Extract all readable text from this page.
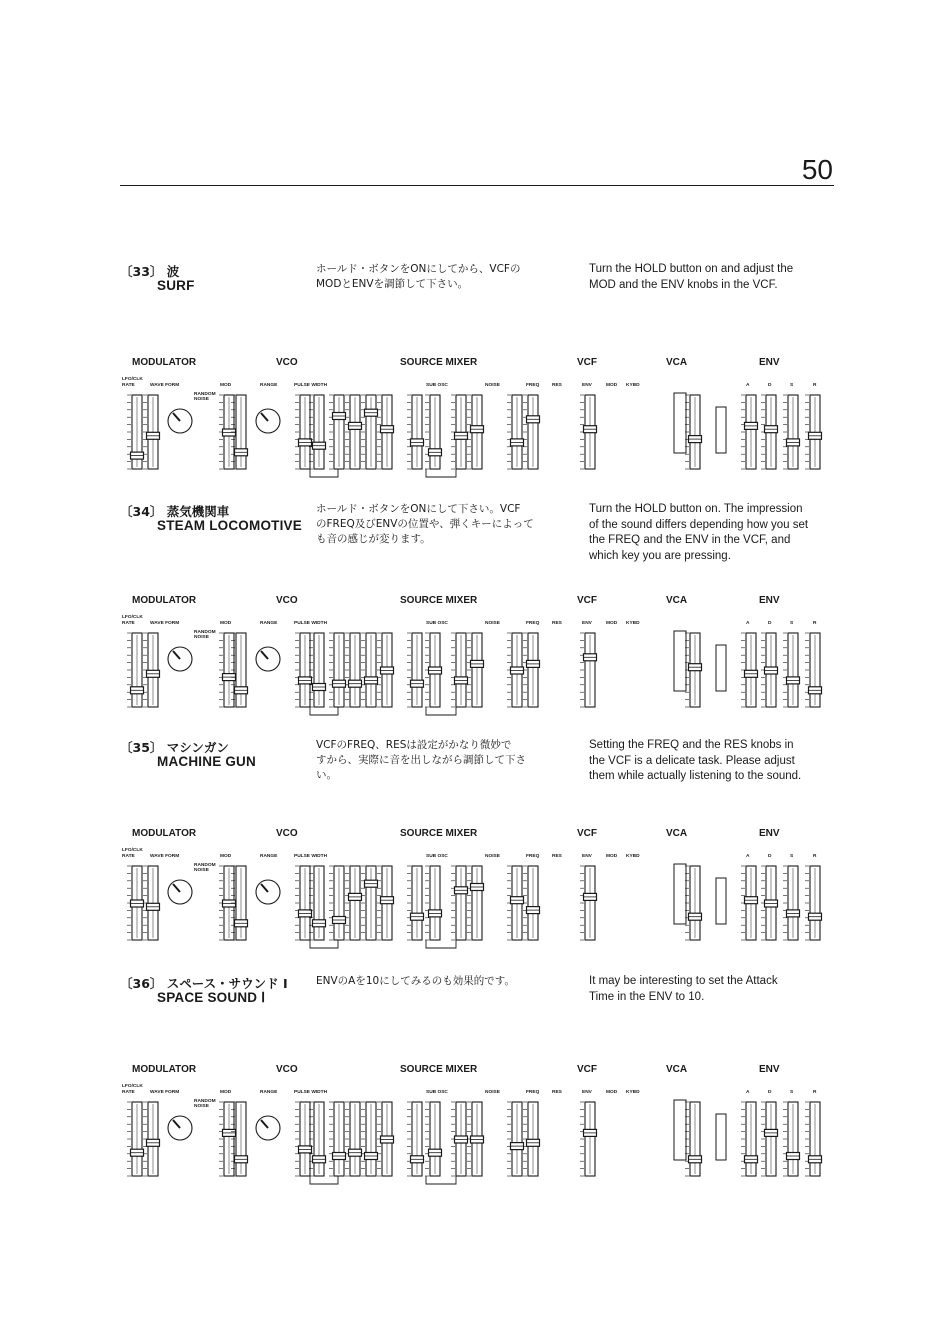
50
〔33〕 波
SURF
ホールド・ボタンをONにしてから、VCFの
MODとENVを調節して下さい。
Turn the HOLD button on and adjust the
MOD and the ENV knobs in the VCF.
MODULATOR	VCO	SOURCE MIXER	VCF	VCA	ENV
LFO/CLK
RATE	WAVE FORM
RANDOM
NOISE
MOD	RANGE	PULSE WIDTH	SUB OSC	NOISE	FREQ	RES	ENV	MOD KYBD	A	D	S	R
〔34〕 蒸気機関車
STEAM LOCOMOTIVE
ホールド・ボタンをONにして下さい。VCF
のFREQ及びENVの位置や、弾くキーによって
も音の感じが変ります。
Turn the HOLD button on. The impression
of the sound differs depending how you set
the FREQ and the ENV in the VCF, and
which key you are pressing.
MODULATOR	VCO	SOURCE MIXER	VCF	VCA	ENV
LFO/CLK
RATE	WAVE FORM
RANDOM
NOISE
MOD	RANGE	PULSE WIDTH	SUB OSC	NOISE	FREQ	RES	ENV	MOD KYBD	A	D	S	R
〔35〕 マシンガン
MACHINE GUN
VCFのFREQ、RESは設定がかなり微妙で
すから、実際に音を出しながら調節して下さい。
Setting the FREQ and the RES knobs in
the VCF is a delicate task. Please adjust
them while actually listening to the sound.
MODULATOR	VCO	SOURCE MIXER	VCF	VCA	ENV
LFO/CLK
RATE	WAVE FORM
RANDOM
NOISE
MOD	RANGE	PULSE WIDTH	SUB OSC	NOISE	FREQ	RES	ENV	MOD KYBD	A	D	S	R
〔36〕 スペース・サウンド Ⅰ
SPACE SOUND Ⅰ
ENVのAを10にしてみるのも効果的です。	It may be interesting to set the Attack
Time in the ENV to 10.
MODULATOR	VCO	SOURCE MIXER	VCF	VCA	ENV
LFO/CLK
RATE	WAVE FORM
RANDOM
NOISE
MOD	RANGE	PULSE WIDTH	SUB OSC	NOISE	FREQ	RES	ENV	MOD KYBD	A	D	S	R
